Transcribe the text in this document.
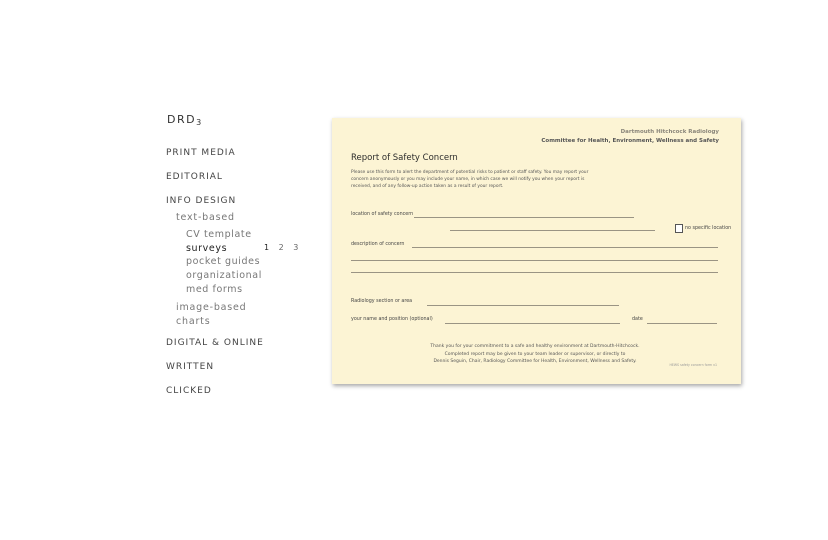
$DRD_3$
PRINT MEDIA
EDITORIAL
INFO DESIGN
text-based
CV template
surveys
pocket guides
organizational
med forms
image-based
charts
DIGITAL & ONLINE
WRITTEN
CLICKED
1 2 3
Dartmouth Hitchcock Radiology
Committee for Health, Environment, Wellness and Safety
Report of Safety Concern
Please use this form to alert the department of potential risks to patient or staff safety. You may report your concern anonymously or you may include your name, in which case we will notify you when your report is received, and of any follow-up action taken as a result of your report.
location of safety concern
no specific location
description of concern
Radiology section or area
your name and position (optional)	date
Thank you for your commitment to a safe and healthy environment at Dartmouth-Hitchcock.
Completed report may be given to your team leader or supervisor, or directly to
Dennis Seguin, Chair, Radiology Committee for Health, Environment, Wellness and Safety.
HEWS safety concern form v1
